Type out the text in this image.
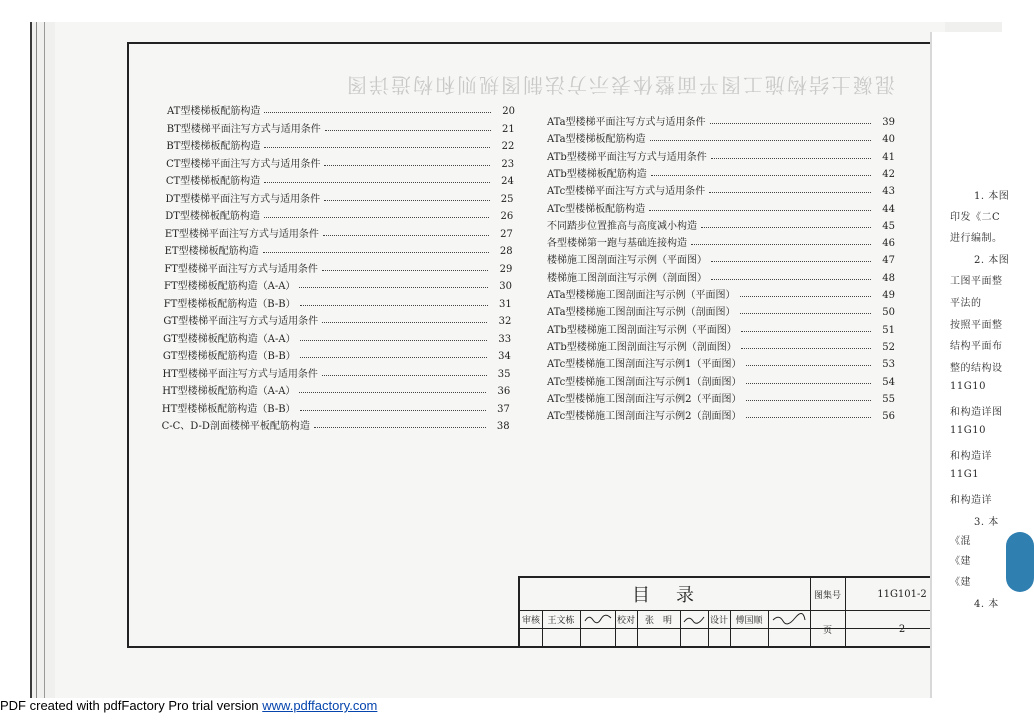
混凝土结构施工图平面整体表示方法制图规则和构造详图
AT型楼梯板配筋构造	20
BT型楼梯平面注写方式与适用条件	21
BT型楼梯板配筋构造	22
CT型楼梯平面注写方式与适用条件	23
CT型楼梯板配筋构造	24
DT型楼梯平面注写方式与适用条件	25
DT型楼梯板配筋构造	26
ET型楼梯平面注写方式与适用条件	27
ET型楼梯板配筋构造	28
FT型楼梯平面注写方式与适用条件	29
FT型楼梯板配筋构造（A-A）	30
FT型楼梯板配筋构造（B-B）	31
GT型楼梯平面注写方式与适用条件	32
GT型楼梯板配筋构造（A-A）	33
GT型楼梯板配筋构造（B-B）	34
HT型楼梯平面注写方式与适用条件	35
HT型楼梯板配筋构造（A-A）	36
HT型楼梯板配筋构造（B-B）	37
C-C、D-D剖面楼梯平板配筋构造	38
ATa型楼梯平面注写方式与适用条件	39
ATa型楼梯板配筋构造	40
ATb型楼梯平面注写方式与适用条件	41
ATb型楼梯板配筋构造	42
ATc型楼梯平面注写方式与适用条件	43
ATc型楼梯板配筋构造	44
不同踏步位置推高与高度减小构造	45
各型楼梯第一跑与基础连接构造	46
楼梯施工图剖面注写示例（平面图）	47
楼梯施工图剖面注写示例（剖面图）	48
ATa型楼梯施工图剖面注写示例（平面图）	49
ATa型楼梯施工图剖面注写示例（剖面图）	50
ATb型楼梯施工图剖面注写示例（平面图）	51
ATb型楼梯施工图剖面注写示例（剖面图）	52
ATc型楼梯施工图剖面注写示例1（平面图）	53
ATc型楼梯施工图剖面注写示例1（剖面图）	54
ATc型楼梯施工图剖面注写示例2（平面图）	55
ATc型楼梯施工图剖面注写示例2（剖面图）	56
目　录	图集号	11G101-2
审核 王文栋	校对	张　明	设计 傅国顺
页	2
1. 本图
印发《二C
进行编制。
2. 本图
工图平面整
平法的
按照平面整
结构平面布
整的结构设
11G10
和构造详图
11G10
和构造详
11G1
和构造详
3. 本
《混
《建
《建
4. 本
PDF created with pdfFactory Pro trial version www.pdffactory.com
